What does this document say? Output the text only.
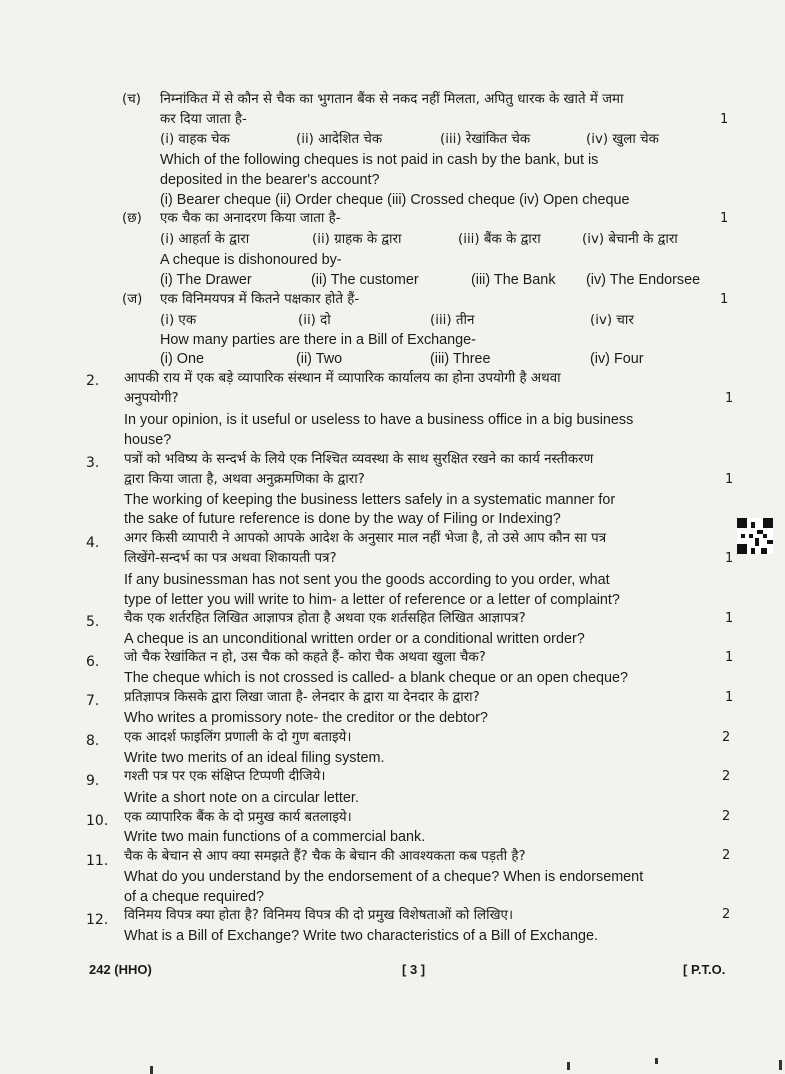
(च) निम्नांकित में से कौन से चैक का भुगतान बैंक से नकद नहीं मिलता, अपितु धारक के खाते में जमा
कर दिया जाता है-	1
(i) वाहक चेक	(ii) आदेशित चेक	(iii) रेखांकित चेक	(iv) खुला चेक
Which of the following cheques is not paid in cash by the bank, but is
deposited in the bearer's account?
(i) Bearer cheque (ii) Order cheque (iii) Crossed cheque (iv) Open cheque
(छ) एक चैक का अनादरण किया जाता है-	1
(i) आहर्ता के द्वारा	(ii) ग्राहक के द्वारा	(iii) बैंक के द्वारा	(iv) बेचानी के द्वारा
A cheque is dishonoured by-
(i) The Drawer	(ii) The customer	(iii) The Bank (iv) The Endorsee
(ज) एक विनिमयपत्र में कितने पक्षकार होते हैं-	1
(i) एक	(ii) दो	(iii) तीन	(iv) चार
How many parties are there in a Bill of Exchange-
(i) One	(ii) Two	(iii) Three	(iv) Four
2. आपकी राय में एक बड़े व्यापारिक संस्थान में व्यापारिक कार्यालय का होना उपयोगी है अथवा
अनुपयोगी?	1
In your opinion, is it useful or useless to have a business office in a big business
house?
3. पत्रों को भविष्य के सन्दर्भ के लिये एक निश्चित व्यवस्था के साथ सुरक्षित रखने का कार्य नस्तीकरण
द्वारा किया जाता है, अथवा अनुक्रमणिका के द्वारा?	1
The working of keeping the business letters safely in a systematic manner for
the sake of future reference is done by the way of Filing or Indexing?
4. अगर किसी व्यापारी ने आपको आपके आदेश के अनुसार माल नहीं भेजा है, तो उसे आप कौन सा पत्र
लिखेंगे-सन्दर्भ का पत्र अथवा शिकायती पत्र?	1
If any businessman has not sent you the goods according to you order, what
type of letter you will write to him- a letter of reference or a letter of complaint?
5. चैक एक शर्तरहित लिखित आज्ञापत्र होता है अथवा एक शर्तसहित लिखित आज्ञापत्र?	1
A cheque is an unconditional written order or a conditional written order?
6. जो चैक रेखांकित न हो, उस चैक को कहते हैं- कोरा चैक अथवा खुला चैक?	1
The cheque which is not crossed is called- a blank cheque or an open cheque?
7. प्रतिज्ञापत्र किसके द्वारा लिखा जाता है- लेनदार के द्वारा या देनदार के द्वारा?	1
Who writes a promissory note- the creditor or the debtor?
8. एक आदर्श फाइलिंग प्रणाली के दो गुण बताइये।	2
Write two merits of an ideal filing system.
9. गश्ती पत्र पर एक संक्षिप्त टिप्पणी दीजिये।	2
Write a short note on a circular letter.
10. एक व्यापारिक बैंक के दो प्रमुख कार्य बतलाइये।	2
Write two main functions of a commercial bank.
11. चैक के बेचान से आप क्या समझते हैं? चैक के बेचान की आवश्यकता कब पड़ती है?	2
What do you understand by the endorsement of a cheque? When is endorsement
of a cheque required?
12. विनिमय विपत्र क्या होता है? विनिमय विपत्र की दो प्रमुख विशेषताओं को लिखिए।	2
What is a Bill of Exchange? Write two characteristics of a Bill of Exchange.
242 (HHO)	[ 3 ]	[ P.T.O.
